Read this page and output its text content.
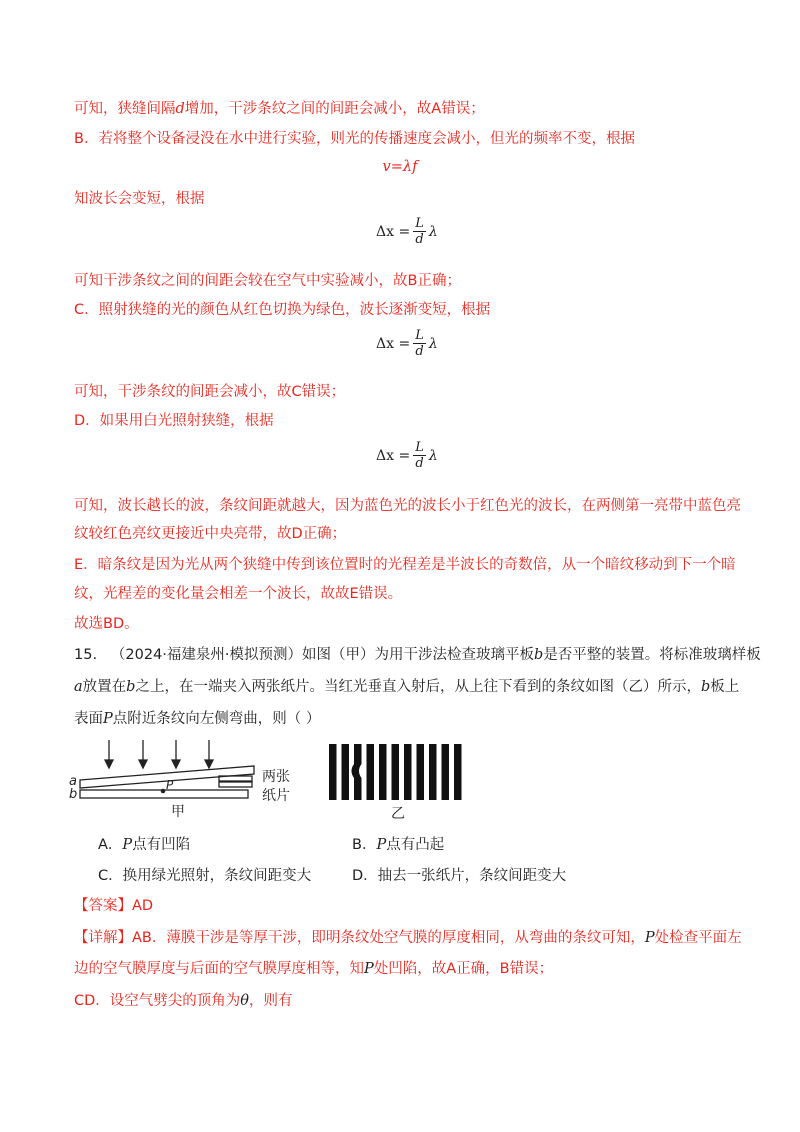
可知，狭缝间隔d增加，干涉条纹之间的间距会减小，故A错误；
B．若将整个设备浸没在水中进行实验，则光的传播速度会减小，但光的频率不变，根据
v=λf
知波长会变短，根据
Δx
= $\frac{L}{d}$ λ
可知干涉条纹之间的间距会较在空气中实验减小，故B正确；
C．照射狭缝的光的颜色从红色切换为绿色，波长逐渐变短，根据
Δx
= $\frac{L}{d}$ λ
可知，干涉条纹的间距会减小，故C错误；
D．如果用白光照射狭缝，根据
Δx
= $\frac{L}{d}$ λ
可知，波长越长的波，条纹间距就越大，因为蓝色光的波长小于红色光的波长，在两侧第一亮带中蓝色亮
纹较红色亮纹更接近中央亮带，故D正确；
E．暗条纹是因为光从两个狭缝中传到该位置时的光程差是半波长的奇数倍，从一个暗纹移动到下一个暗
纹，光程差的变化量会相差一个波长，故故E错误。
故选BD。
15. （2024·福建泉州·模拟预测）如图（甲）为用干涉法检查玻璃平板b是否平整的装置。将标准玻璃样板
a放置在b之上，在一端夹入两张纸片。当红光垂直入射后，从上往下看到的条纹如图（乙）所示，b板上
表面P点附近条纹向左侧弯曲，则（ ）
a
b
P	两张
纸片
甲	乙
A．P点有凹陷	B．P点有凸起
C．换用绿光照射，条纹间距变大	D．抽去一张纸片，条纹间距变大
【答案】AD
【详解】AB．薄膜干涉是等厚干涉，即明条纹处空气膜的厚度相同，从弯曲的条纹可知，P处检查平面左
边的空气膜厚度与后面的空气膜厚度相等，知P处凹陷，故A正确，B错误；
CD．设空气劈尖的顶角为θ，则有
